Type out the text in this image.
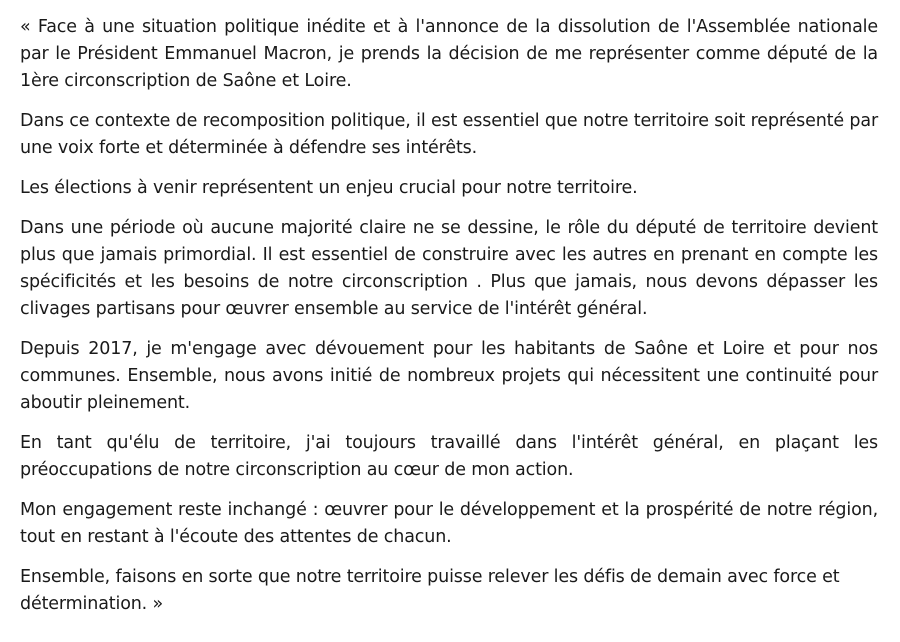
« Face à une situation politique inédite et à l'annonce de la dissolution de l'Assemblée nationale par le Président Emmanuel Macron, je prends la décision de me représenter comme député de la 1ère circonscription de Saône et Loire.

Dans ce contexte de recomposition politique, il est essentiel que notre territoire soit représenté par une voix forte et déterminée à défendre ses intérêts.

Les élections à venir représentent un enjeu crucial pour notre territoire.

Dans une période où aucune majorité claire ne se dessine, le rôle du député de territoire devient plus que jamais primordial. Il est essentiel de construire avec les autres en prenant en compte les spécificités et les besoins de notre circonscription . Plus que jamais, nous devons dépasser les clivages partisans pour œuvrer ensemble au service de l'intérêt général.

Depuis 2017, je m'engage avec dévouement pour les habitants de Saône et Loire et pour nos communes. Ensemble, nous avons initié de nombreux projets qui nécessitent une continuité pour aboutir pleinement.

En tant qu'élu de territoire, j'ai toujours travaillé dans l'intérêt général, en plaçant les préoccupations de notre circonscription au cœur de mon action.

Mon engagement reste inchangé : œuvrer pour le développement et la prospérité de notre région, tout en restant à l'écoute des attentes de chacun.

Ensemble, faisons en sorte que notre territoire puisse relever les défis de demain avec force et détermination. »
